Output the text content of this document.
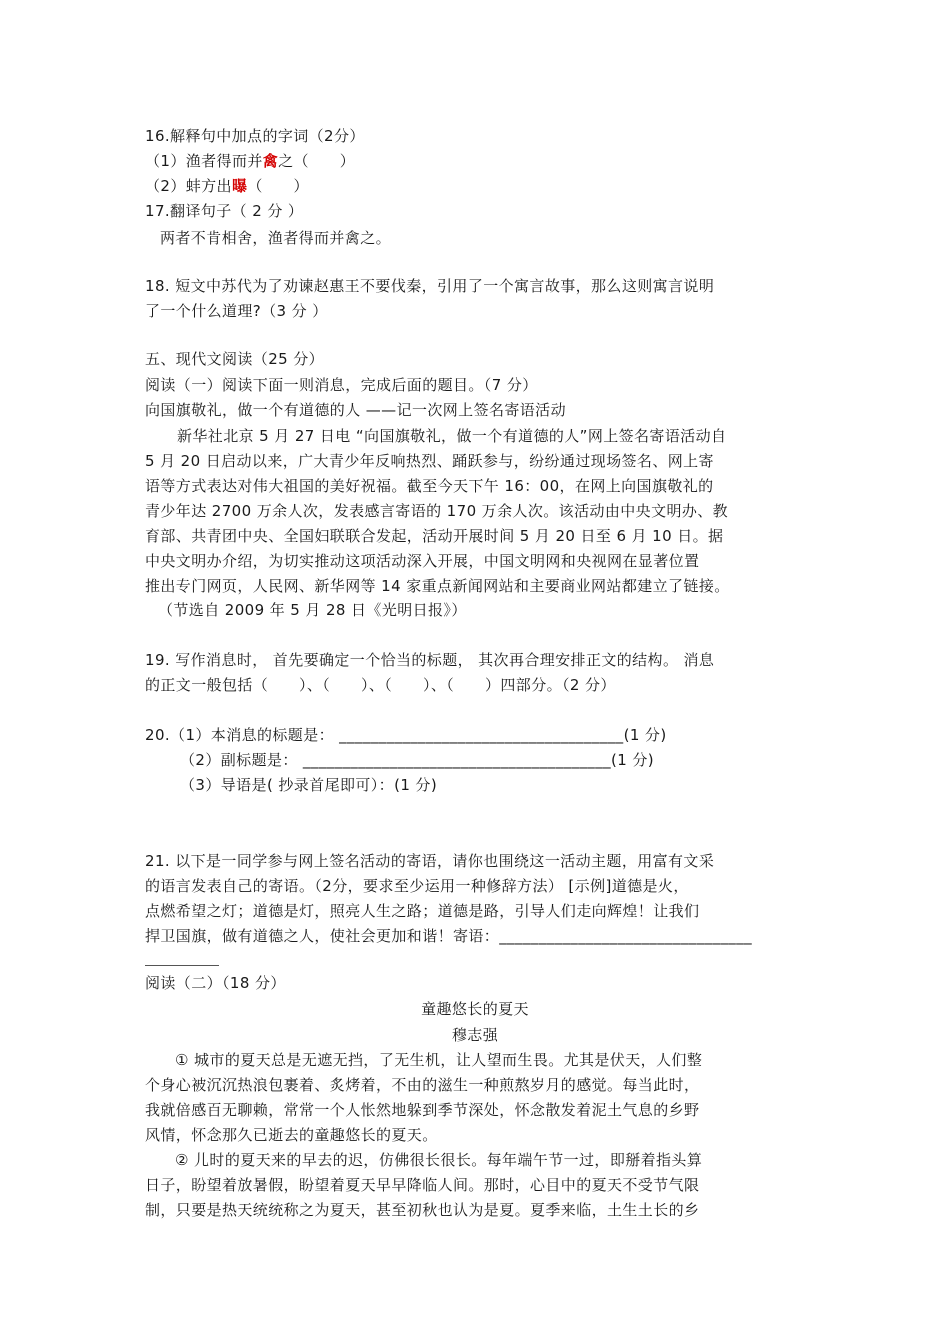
16.解释句中加点的字词（2分）
（1）渔者得而并禽之（　　）
（2）蚌方出曝（　　）
17.翻译句子（ 2 分 ）
两者不肯相舍，渔者得而并禽之。
18. 短文中苏代为了劝谏赵惠王不要伐秦，引用了一个寓言故事，那么这则寓言说明
了一个什么道理?（3 分 ）
五、现代文阅读（25 分）
阅读（一）阅读下面一则消息，完成后面的题目。（7 分）
向国旗敬礼，做一个有道德的人 ——记一次网上签名寄语活动
新华社北京 5 月 27 日电 “向国旗敬礼，做一个有道德的人”网上签名寄语活动自
5 月 20 日启动以来，广大青少年反响热烈、踊跃参与，纷纷通过现场签名、网上寄
语等方式表达对伟大祖国的美好祝福。截至今天下午 16：00，在网上向国旗敬礼的
青少年达 2700 万余人次，发表感言寄语的 170 万余人次。该活动由中央文明办、教
育部、共青团中央、全国妇联联合发起，活动开展时间 5 月 20 日至 6 月 10 日。据
中央文明办介绍，为切实推动这项活动深入开展，中国文明网和央视网在显著位置
推出专门网页，人民网、新华网等 14 家重点新闻网站和主要商业网站都建立了链接。
（节选自 2009 年 5 月 28 日《光明日报》）
19. 写作消息时， 首先要确定一个恰当的标题， 其次再合理安排正文的结构。 消息
的正文一般包括（　　）、（　　）、（　　）、（　　）四部分。（2 分）
20.（1）本消息的标题是： ____________________________________(1 分)
（2）副标题是： _______________________________________(1 分)
（3）导语是( 抄录首尾即可）：(1 分)
21. 以下是一同学参与网上签名活动的寄语，请你也围绕这一活动主题，用富有文采
的语言发表自己的寄语。（2分，要求至少运用一种修辞方法） [示例]道德是火，
点燃希望之灯；道德是灯，照亮人生之路；道德是路，引导人们走向辉煌！让我们
捍卫国旗，做有道德之人，使社会更加和谐！寄语：________________________________
阅读（二）（18 分）
童趣悠长的夏天
穆志强
① 城市的夏天总是无遮无挡，了无生机，让人望而生畏。尤其是伏天，人们整
个身心被沉沉热浪包裹着、炙烤着，不由的滋生一种煎熬岁月的感觉。每当此时，
我就倍感百无聊赖，常常一个人怅然地躲到季节深处，怀念散发着泥土气息的乡野
风情，怀念那久已逝去的童趣悠长的夏天。
② 儿时的夏天来的早去的迟，仿佛很长很长。每年端午节一过，即掰着指头算
日子，盼望着放暑假，盼望着夏天早早降临人间。那时，心目中的夏天不受节气限
制，只要是热天统统称之为夏天，甚至初秋也认为是夏。夏季来临，土生土长的乡
